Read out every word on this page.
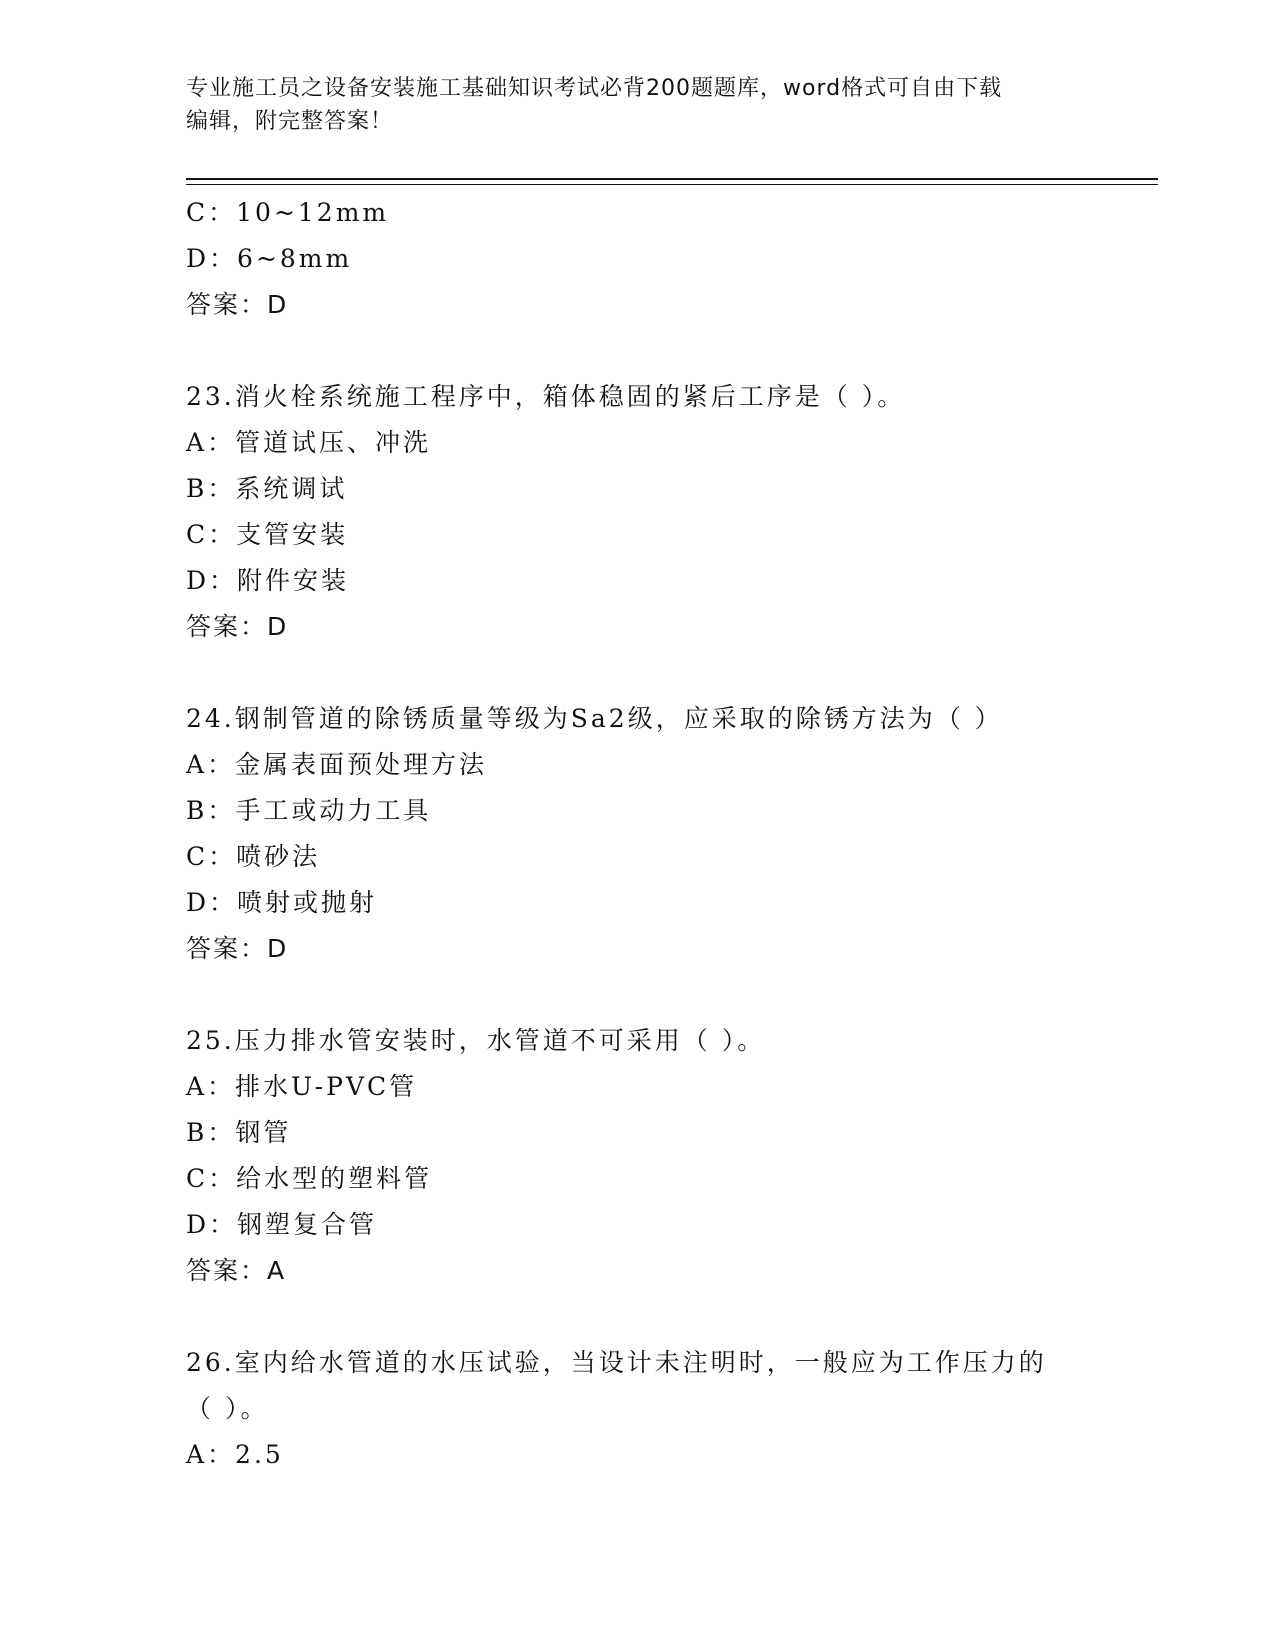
专业施工员之设备安装施工基础知识考试必背200题题库，word格式可自由下载
编辑，附完整答案！
C：10~12mm
D：6~8mm
答案：D
23.消火栓系统施工程序中，箱体稳固的紧后工序是（ ）。
A：管道试压、冲洗
B：系统调试
C：支管安装
D：附件安装
答案：D
24.钢制管道的除锈质量等级为Sa2级，应采取的除锈方法为（ ）
A：金属表面预处理方法
B：手工或动力工具
C：喷砂法
D：喷射或抛射
答案：D
25.压力排水管安装时，水管道不可采用（ ）。
A：排水U-PVC管
B：钢管
C：给水型的塑料管
D：钢塑复合管
答案：A
26.室内给水管道的水压试验，当设计未注明时，一般应为工作压力的
（ ）。
A：2.5
